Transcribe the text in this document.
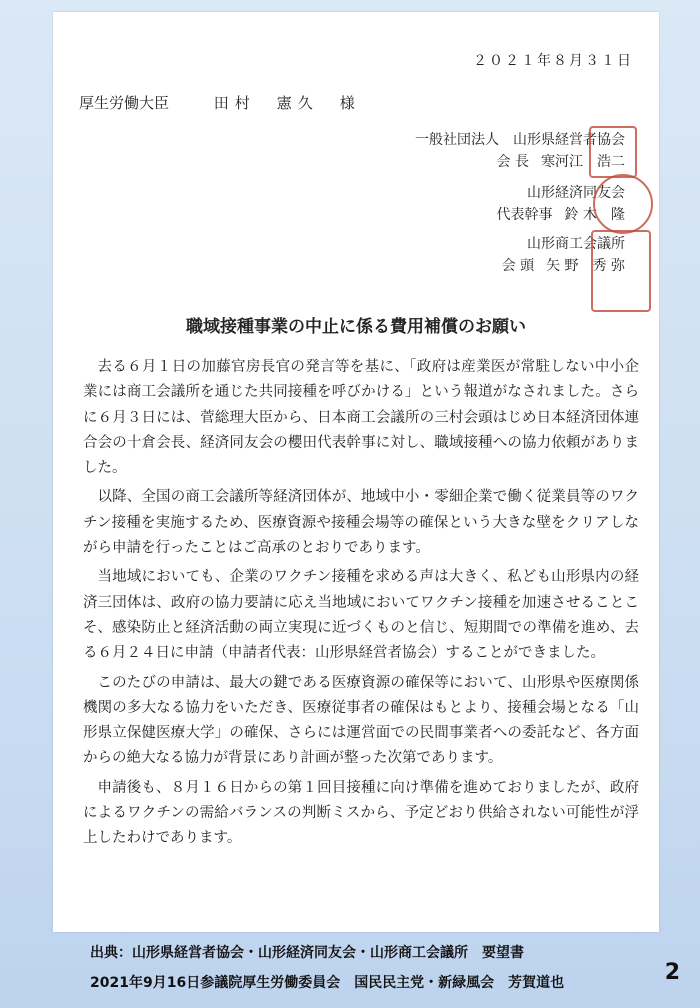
２０２１年８月３１日
厚生労働大臣	田村　憲久　様
一般社団法人　山形県経営者協会
会 長 寒河江　浩二
山形経済同友会
代表幹事 鈴 木　隆
山形商工会議所
会 頭 矢 野　秀 弥
職域接種事業の中止に係る費用補償のお願い

去る６月１日の加藤官房長官の発言等を基に、「政府は産業医が常駐しない中小企業には商工会議所を通じた共同接種を呼びかける」という報道がなされました。さらに６月３日には、菅総理大臣から、日本商工会議所の三村会頭はじめ日本経済団体連合会の十倉会長、経済同友会の櫻田代表幹事に対し、職域接種への協力依頼がありました。

以降、全国の商工会議所等経済団体が、地域中小・零細企業で働く従業員等のワクチン接種を実施するため、医療資源や接種会場等の確保という大きな壁をクリアしながら申請を行ったことはご高承のとおりであります。

当地域においても、企業のワクチン接種を求める声は大きく、私ども山形県内の経済三団体は、政府の協力要請に応え当地域においてワクチン接種を加速させることこそ、感染防止と経済活動の両立実現に近づくものと信じ、短期間での準備を進め、去る６月２４日に申請（申請者代表：山形県経営者協会）することができました。

このたびの申請は、最大の鍵である医療資源の確保等において、山形県や医療関係機関の多大なる協力をいただき、医療従事者の確保はもとより、接種会場となる「山形県立保健医療大学」の確保、さらには運営面での民間事業者への委託など、各方面からの絶大なる協力が背景にあり計画が整った次第であります。

申請後も、８月１６日からの第１回目接種に向け準備を進めておりましたが、政府によるワクチンの需給バランスの判断ミスから、予定どおり供給されない可能性が浮上したわけであります。

出典：山形県経営者協会・山形経済同友会・山形商工会議所　要望書
2021年9月16日参議院厚生労働委員会　国民民主党・新緑風会　芳賀道也	2
